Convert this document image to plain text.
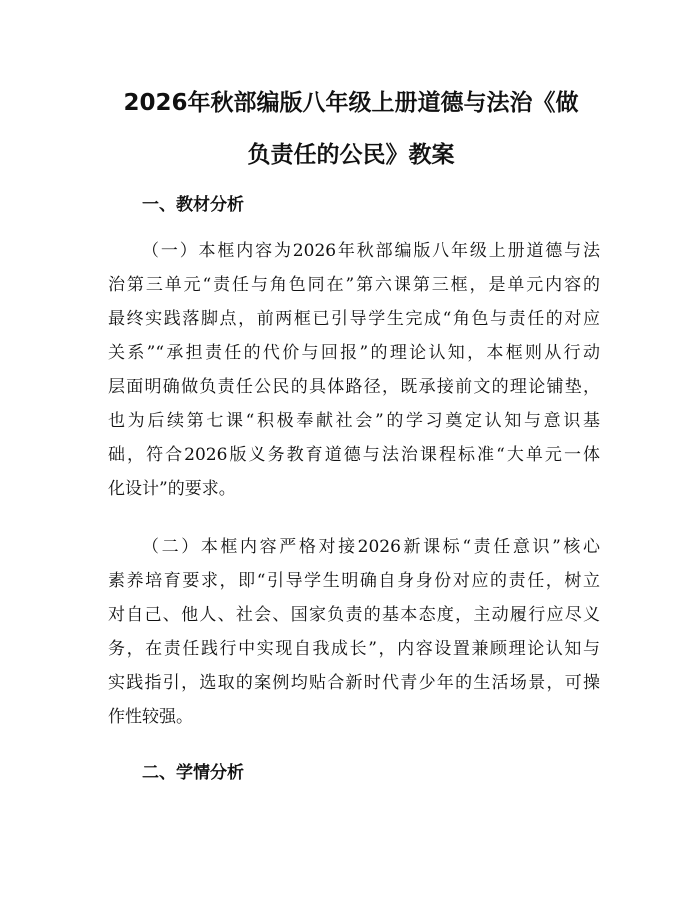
2026年秋部编版八年级上册道德与法治《做
负责任的公民》教案
一、教材分析
（一）本框内容为2026年秋部编版八年级上册道德与法
治第三单元“责任与角色同在”第六课第三框，是单元内容的
最终实践落脚点，前两框已引导学生完成“角色与责任的对应
关系”“承担责任的代价与回报”的理论认知，本框则从行动
层面明确做负责任公民的具体路径，既承接前文的理论铺垫，
也为后续第七课“积极奉献社会”的学习奠定认知与意识基
础，符合2026版义务教育道德与法治课程标准“大单元一体
化设计”的要求。
（二）本框内容严格对接2026新课标“责任意识”核心
素养培育要求，即“引导学生明确自身身份对应的责任，树立
对自己、他人、社会、国家负责的基本态度，主动履行应尽义
务，在责任践行中实现自我成长”，内容设置兼顾理论认知与
实践指引，选取的案例均贴合新时代青少年的生活场景，可操
作性较强。
二、学情分析
